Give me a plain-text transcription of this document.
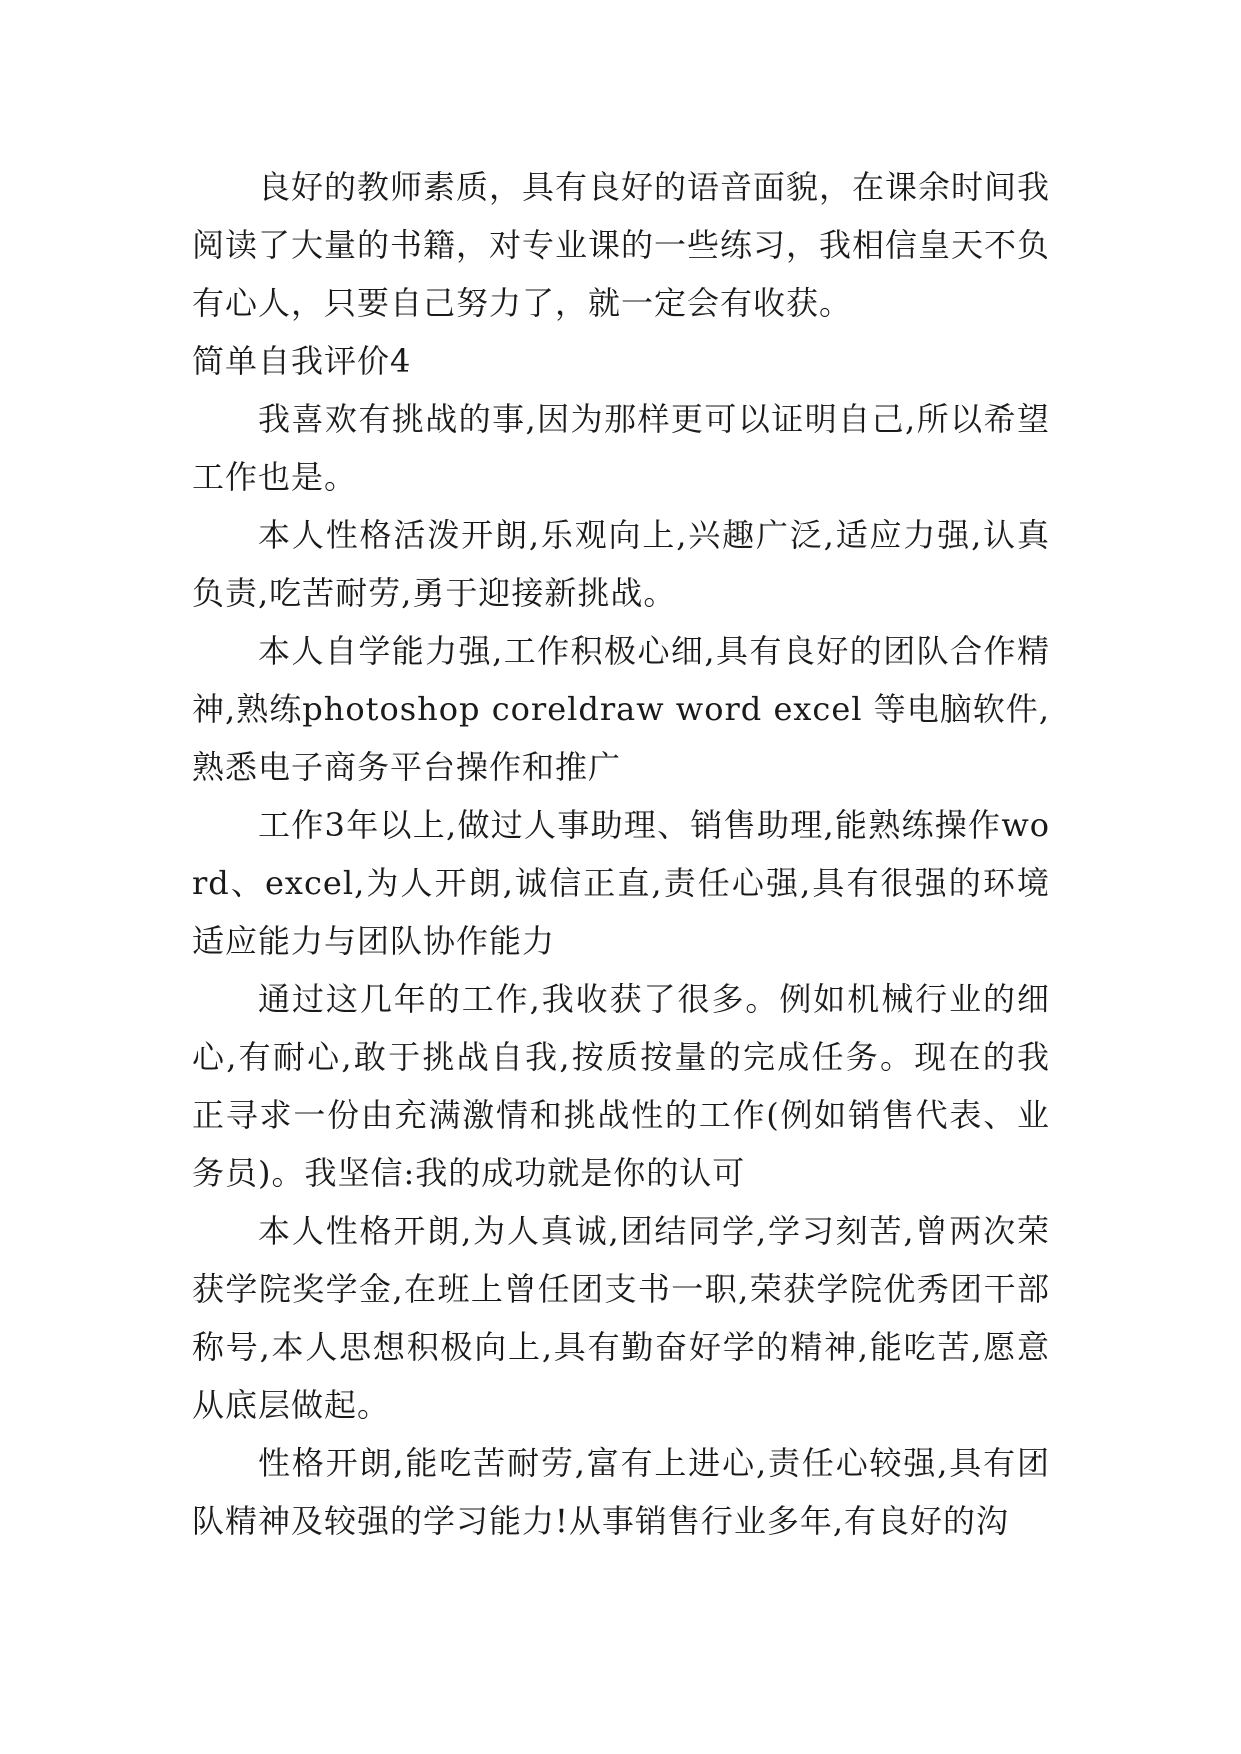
良好的教师素质，具有良好的语音面貌，在课余时间我阅读了大量的书籍，对专业课的一些练习，我相信皇天不负有心人，只要自己努力了，就一定会有收获。

简单自我评价4

我喜欢有挑战的事,因为那样更可以证明自己,所以希望工作也是。

本人性格活泼开朗,乐观向上,兴趣广泛,适应力强,认真负责,吃苦耐劳,勇于迎接新挑战。

本人自学能力强,工作积极心细,具有良好的团队合作精神,熟练photoshop coreldraw word excel 等电脑软件,熟悉电子商务平台操作和推广

工作3年以上,做过人事助理、销售助理,能熟练操作word、excel,为人开朗,诚信正直,责任心强,具有很强的环境适应能力与团队协作能力

通过这几年的工作,我收获了很多。例如机械行业的细心,有耐心,敢于挑战自我,按质按量的完成任务。现在的我正寻求一份由充满激情和挑战性的工作(例如销售代表、业务员)。我坚信:我的成功就是你的认可

本人性格开朗,为人真诚,团结同学,学习刻苦,曾两次荣获学院奖学金,在班上曾任团支书一职,荣获学院优秀团干部称号,本人思想积极向上,具有勤奋好学的精神,能吃苦,愿意从底层做起。

性格开朗,能吃苦耐劳,富有上进心,责任心较强,具有团队精神及较强的学习能力!从事销售行业多年,有良好的沟
